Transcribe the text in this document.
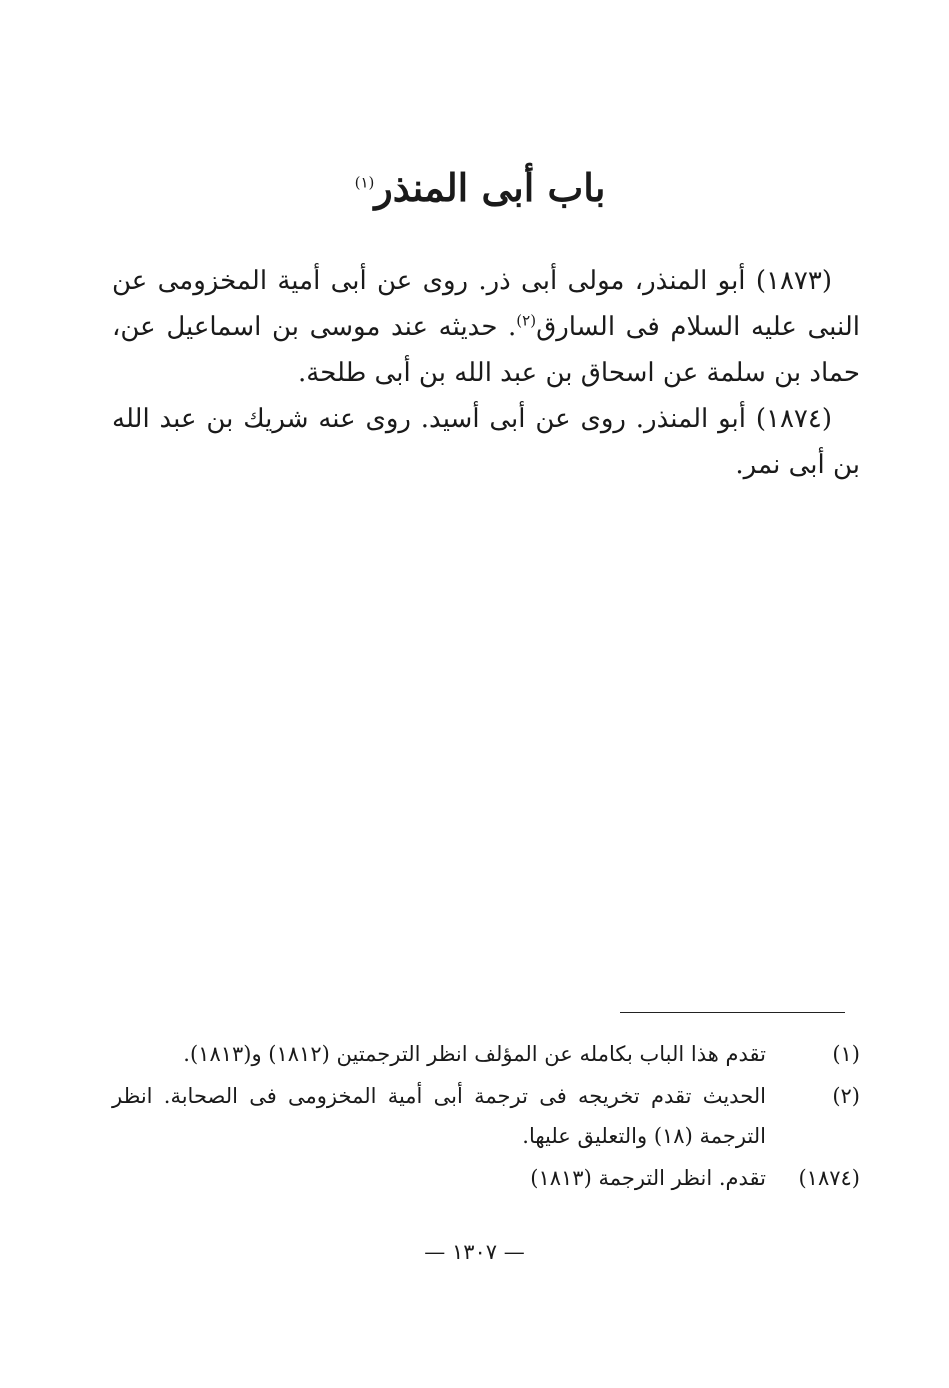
باب أبى المنذر$^{(١)}$

(١٨٧٣) أبو المنذر، مولى أبى ذر. روى عن أبى أمية المخزومى عن النبى عليه السلام فى السارق$^{(٢)}$. حديثه عند موسى بن اسماعيل عن، حماد بن سلمة عن اسحاق بن عبد الله بن أبى طلحة.

(١٨٧٤) أبو المنذر. روى عن أبى أسيد. روى عنه شريك بن عبد الله بن أبى نمر.

(١)
تقدم هذا الباب بكامله عن المؤلف انظر الترجمتين (١٨١٢) و(١٨١٣).
(٢)
الحديث تقدم تخريجه فى ترجمة أبى أمية المخزومى فى الصحابة. انظر الترجمة (١٨) والتعليق عليها.
(١٨٧٤)
تقدم. انظر الترجمة (١٨١٣)
— ١٣٠٧ —
